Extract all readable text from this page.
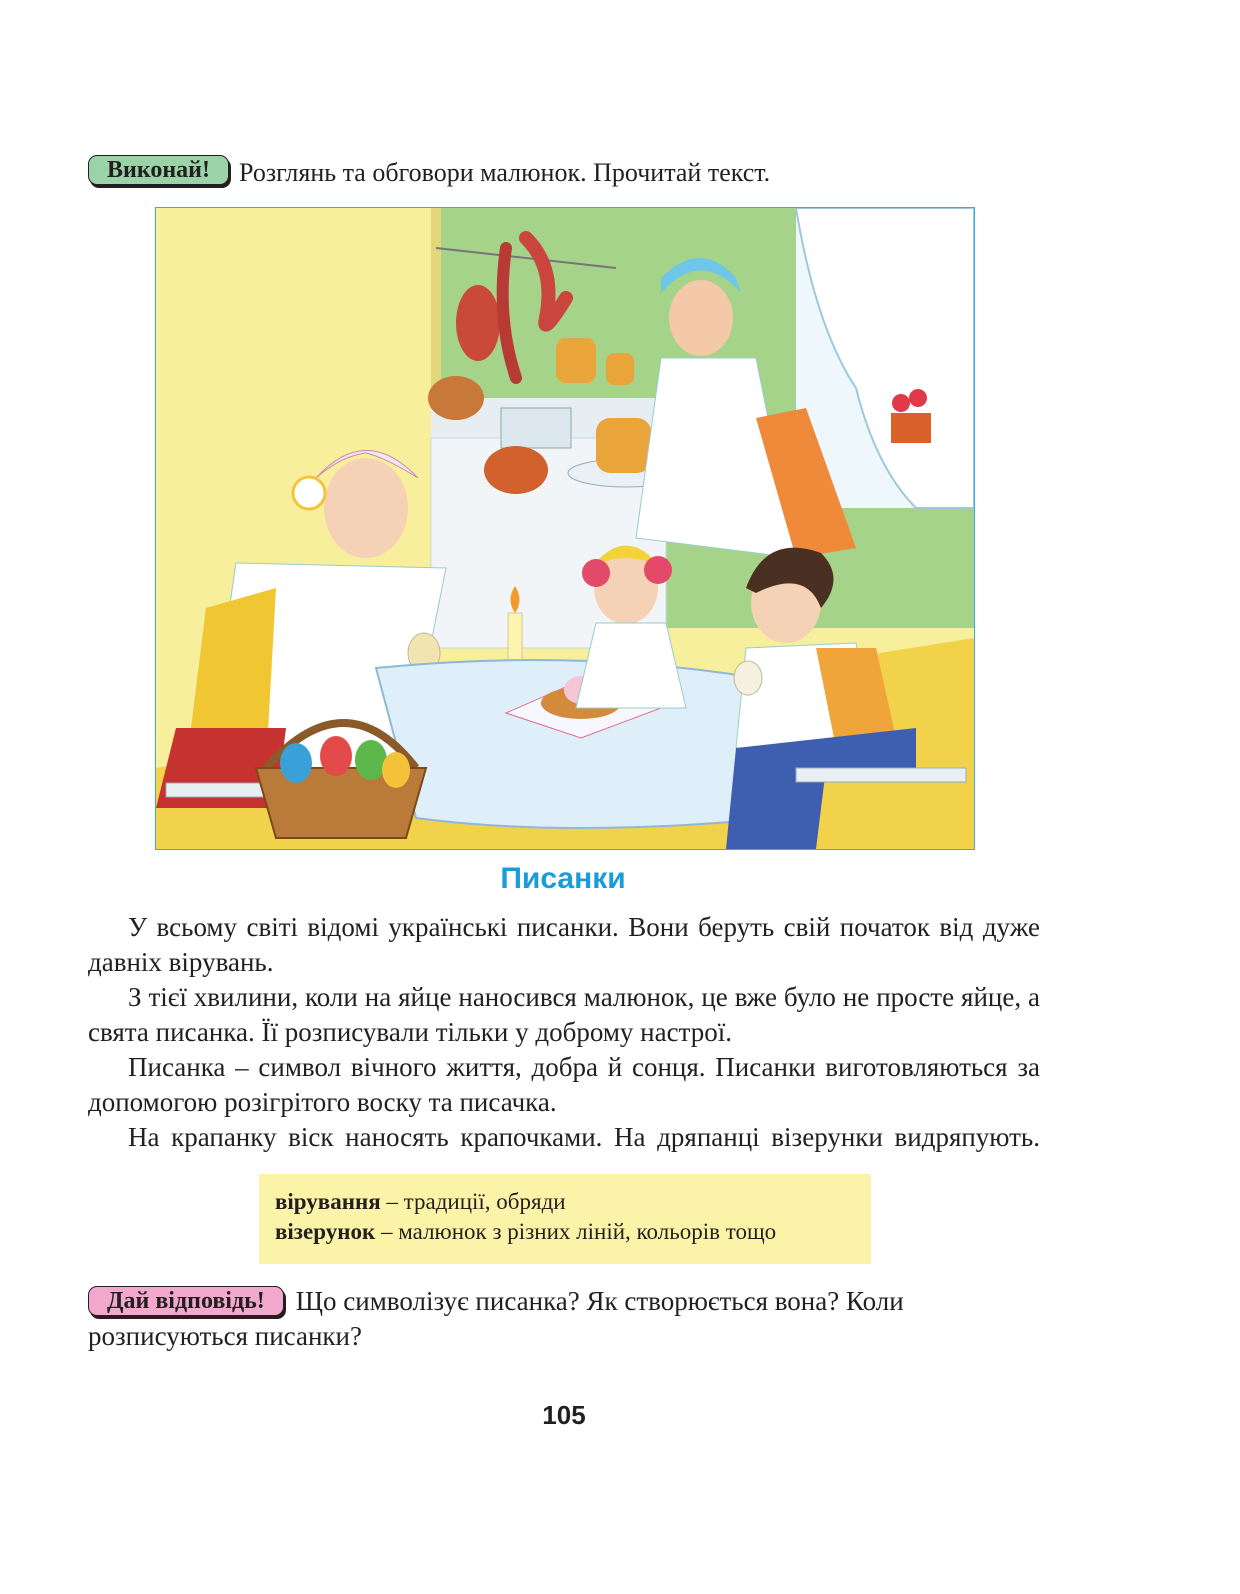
Виконай!	Розглянь та обговори малюнок. Прочитай текст.
Писанки

У всьому світі відомі українські писанки. Вони беруть свій початок від дуже давніх вірувань.

З тієї хвилини, коли на яйце наносився малюнок, це вже було не просте яйце, а свята писанка. Її розписували тільки у доброму настрої.

Писанка – символ вічного життя, добра й сонця. Писанки виготовляються за допомогою розігрітого воску та писачка.

На крапанку віск наносять крапочками. На дряпанці візерунки видряпують.

вірування – традиції, обряди
візерунок – малюнок з різних ліній, кольорів тощо
Дай відповідь! Що символізує писанка? Як створюється вона? Коли розписуються писанки?
105
